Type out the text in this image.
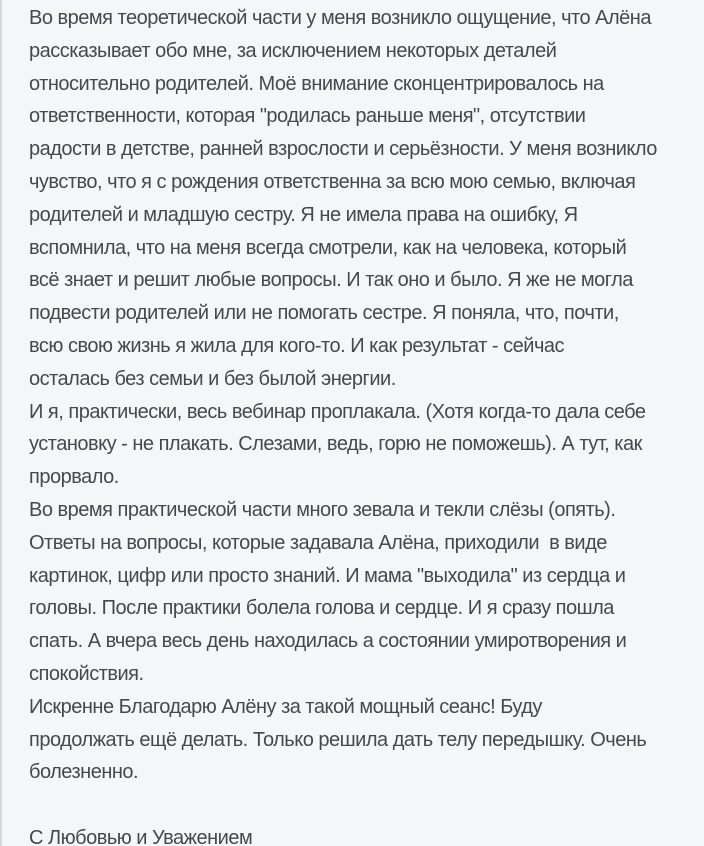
Во время теоретической части у меня возникло ощущение, что Алёна
рассказывает обо мне, за исключением некоторых деталей
относительно родителей. Моё внимание сконцентрировалось на
ответственности, которая "родилась раньше меня", отсутствии
радости в детстве, ранней взрослости и серьёзности. У меня возникло
чувство, что я с рождения ответственна за всю мою семью, включая
родителей и младшую сестру. Я не имела права на ошибку, Я
вспомнила, что на меня всегда смотрели, как на человека, который
всё знает и решит любые вопросы. И так оно и было. Я же не могла
подвести родителей или не помогать сестре. Я поняла, что, почти,
всю свою жизнь я жила для кого-то. И как результат - сейчас
осталась без семьи и без былой энергии.
И я, практически, весь вебинар проплакала. (Хотя когда-то дала себе
установку - не плакать. Слезами, ведь, горю не поможешь). А тут, как
прорвало.
Во время практической части много зевала и текли слёзы (опять).
Ответы на вопросы, которые задавала Алёна, приходили  в виде
картинок, цифр или просто знаний. И мама "выходила" из сердца и
головы. После практики болела голова и сердце. И я сразу пошла
спать. А вчера весь день находилась а состоянии умиротворения и
спокойствия.
Искренне Благодарю Алёну за такой мощный сеанс! Буду
продолжать ещё делать. Только решила дать телу передышку. Очень
болезненно.
С Любовью и Уважением
